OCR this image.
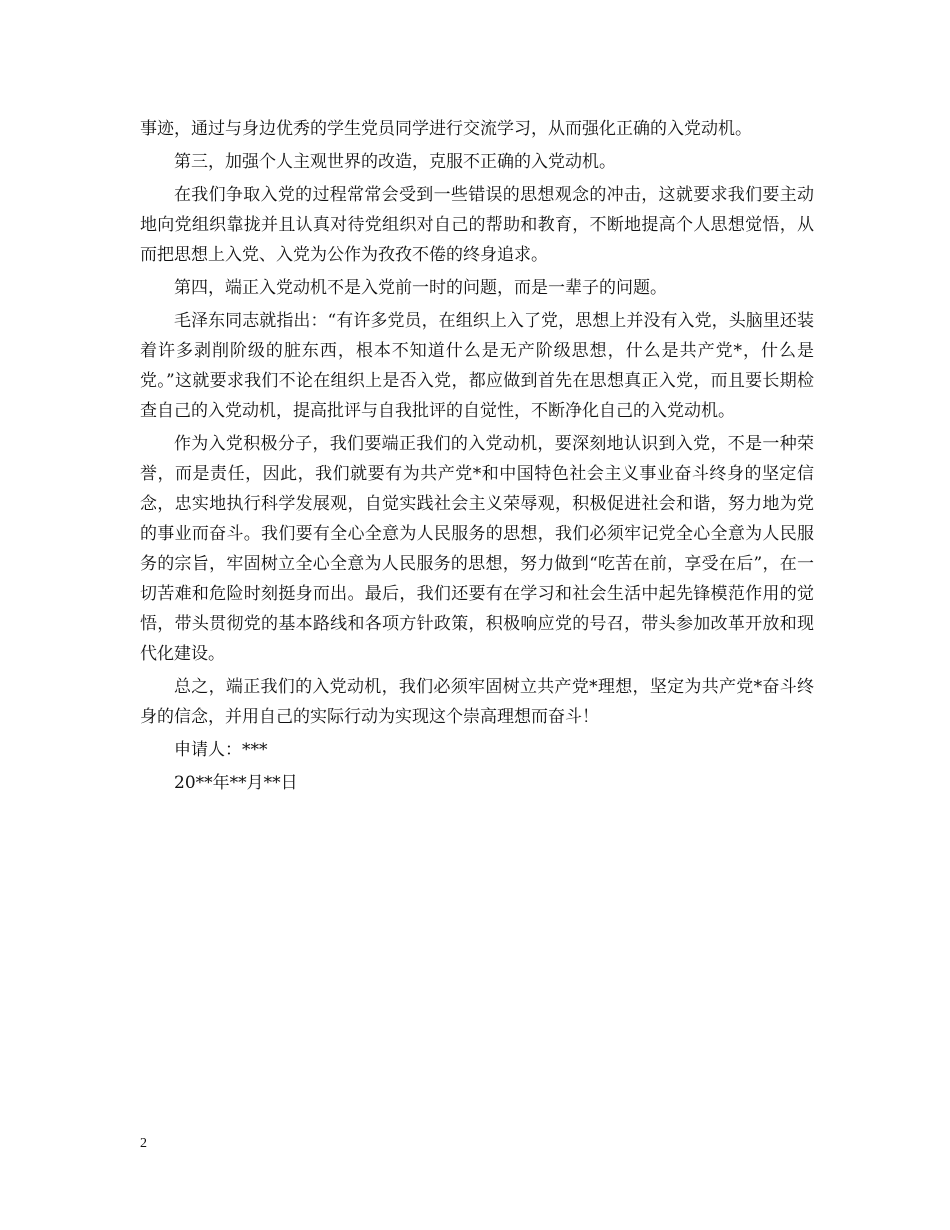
事迹，通过与身边优秀的学生党员同学进行交流学习，从而强化正确的入党动机。

第三，加强个人主观世界的改造，克服不正确的入党动机。

在我们争取入党的过程常常会受到一些错误的思想观念的冲击，这就要求我们要主动地向党组织靠拢并且认真对待党组织对自己的帮助和教育，不断地提高个人思想觉悟，从而把思想上入党、入党为公作为孜孜不倦的终身追求。

第四，端正入党动机不是入党前一时的问题，而是一辈子的问题。

毛泽东同志就指出：“有许多党员，在组织上入了党，思想上并没有入党，头脑里还装着许多剥削阶级的脏东西，根本不知道什么是无产阶级思想，什么是共产党*，什么是党。”这就要求我们不论在组织上是否入党，都应做到首先在思想真正入党，而且要长期检查自己的入党动机，提高批评与自我批评的自觉性，不断净化自己的入党动机。

作为入党积极分子，我们要端正我们的入党动机，要深刻地认识到入党，不是一种荣誉，而是责任，因此，我们就要有为共产党*和中国特色社会主义事业奋斗终身的坚定信念，忠实地执行科学发展观，自觉实践社会主义荣辱观，积极促进社会和谐，努力地为党的事业而奋斗。我们要有全心全意为人民服务的思想，我们必须牢记党全心全意为人民服务的宗旨，牢固树立全心全意为人民服务的思想，努力做到“吃苦在前，享受在后”，在一切苦难和危险时刻挺身而出。最后，我们还要有在学习和社会生活中起先锋模范作用的觉悟，带头贯彻党的基本路线和各项方针政策，积极响应党的号召，带头参加改革开放和现代化建设。

总之，端正我们的入党动机，我们必须牢固树立共产党*理想，坚定为共产党*奋斗终身的信念，并用自己的实际行动为实现这个崇高理想而奋斗！

申请人：***

20**年**月**日

2
